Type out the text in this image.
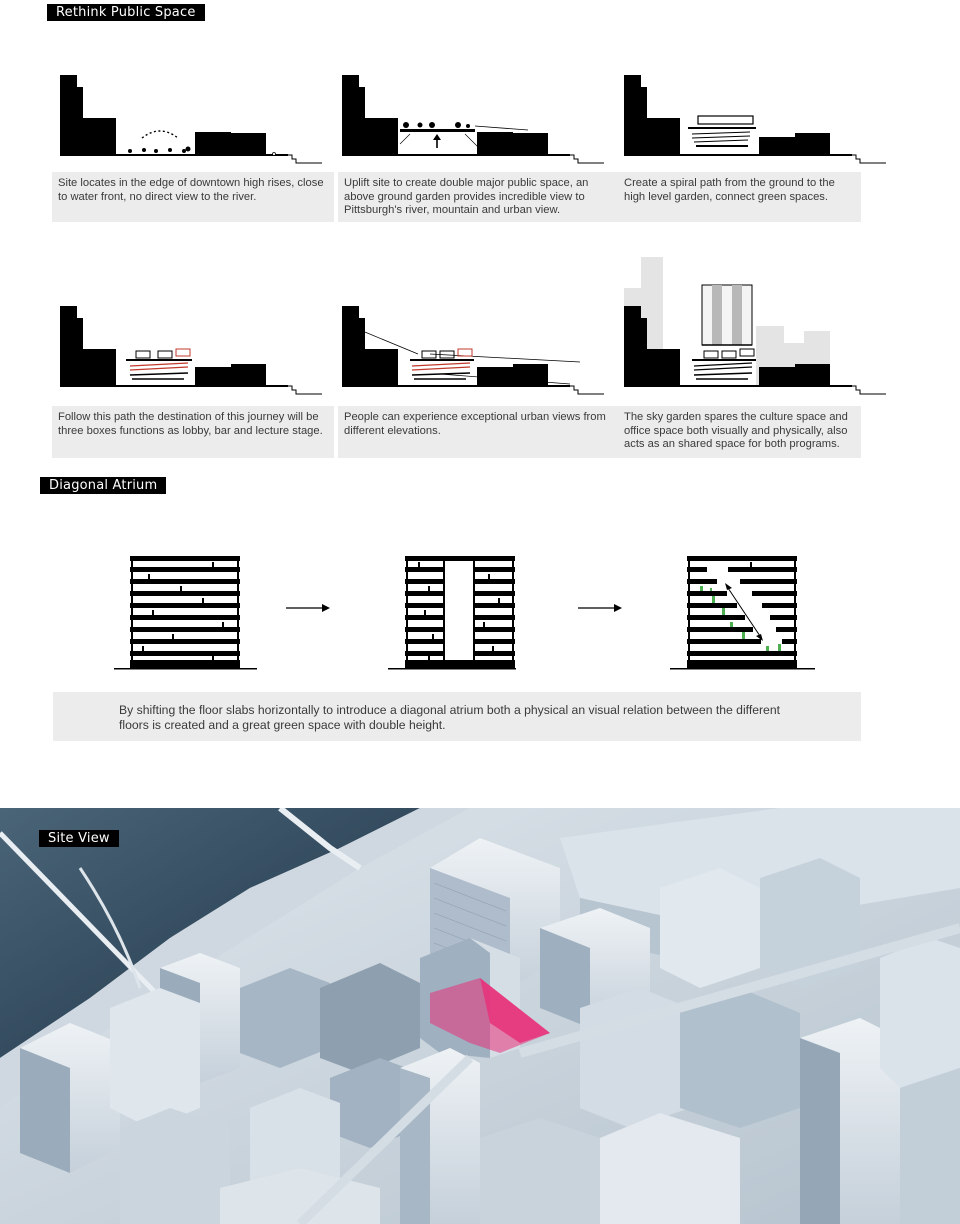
Rethink Public Space
Site locates in the edge of downtown high rises, close to water front, no direct view to the river.
Uplift site to create double major public space, an above ground garden provides incredible view to Pittsburgh's river, mountain and urban view.
Create a spiral path from the ground to the high level garden, connect green spaces.
Follow this path the destination of this journey will be three boxes functions as lobby, bar and lecture stage.
People can experience exceptional urban views from different elevations.
The sky garden spares the culture space and office space both visually and physically, also acts as an shared space for both programs.
Diagonal Atrium
By shifting the floor slabs horizontally to introduce a diagonal atrium both a physical an visual relation between the different floors is created and a great green space with double height.
Site View
